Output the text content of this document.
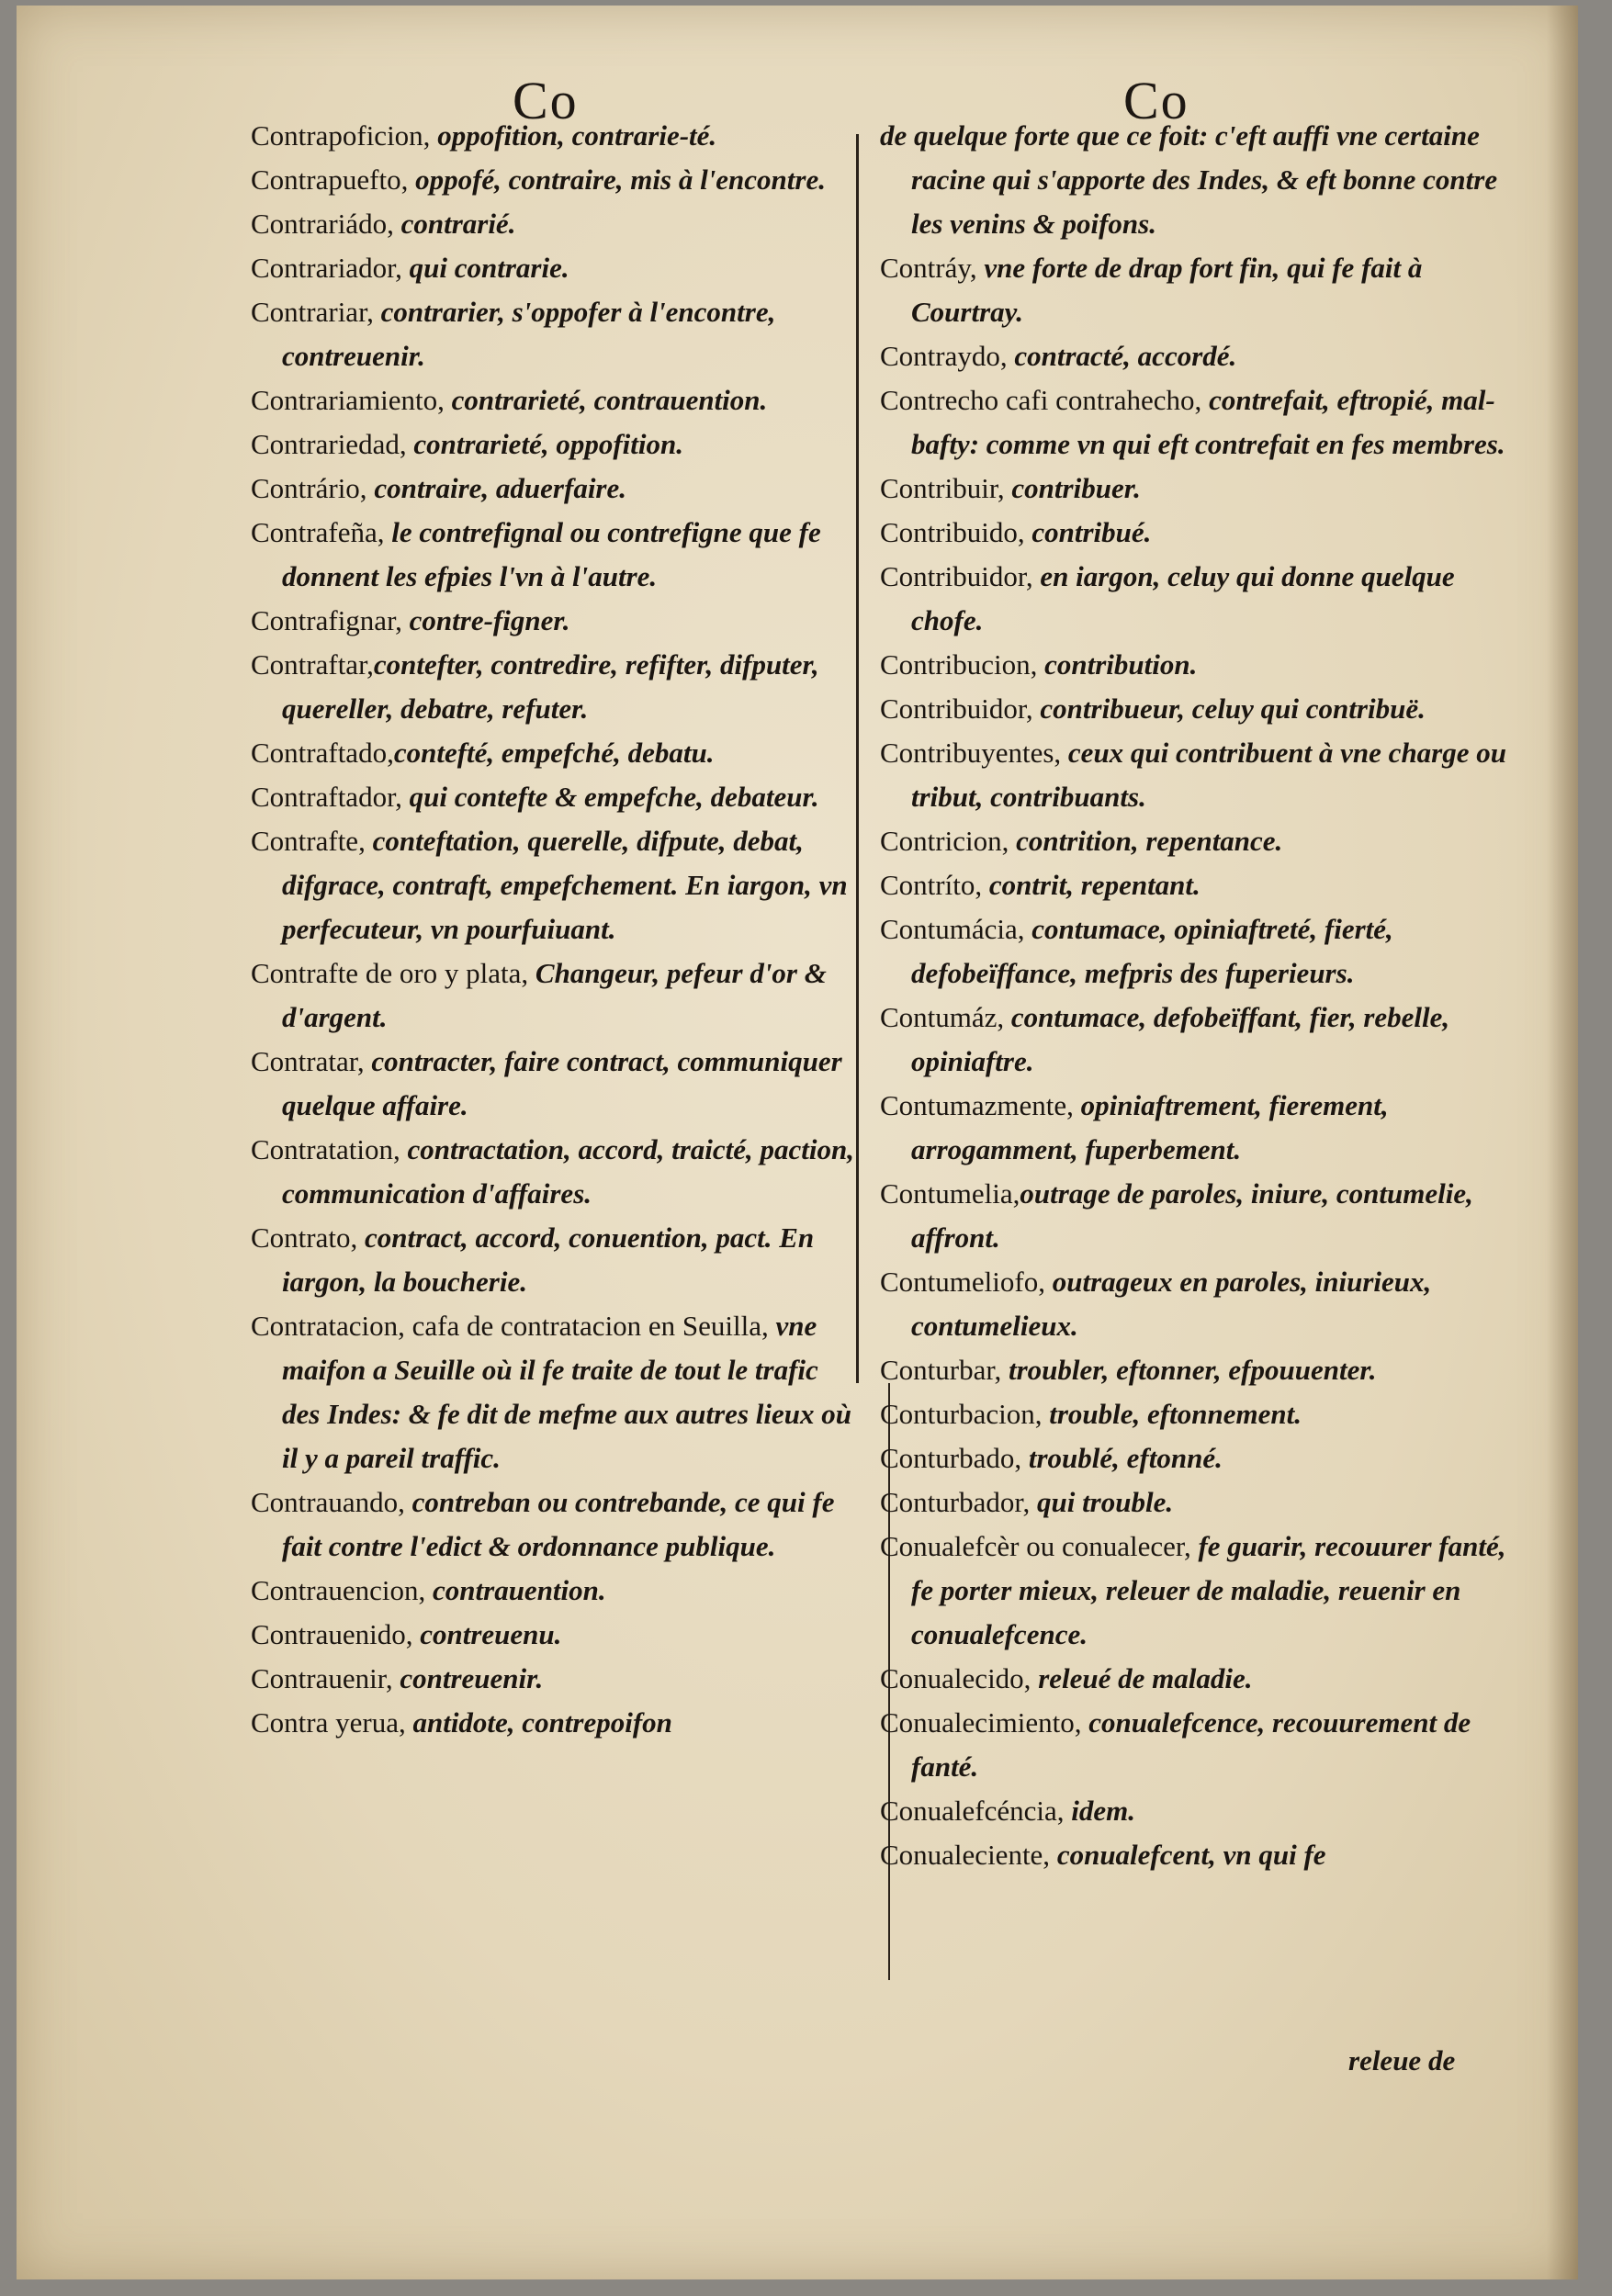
Co	Co
Contrapoficion, oppofition, contrarie-té.
Contrapuefto, oppofé, contraire, mis à l'encontre.
Contrariádo, contrarié.
Contrariador, qui contrarie.
Contrariar, contrarier, s'oppofer à l'encontre, contreuenir.
Contrariamiento, contrarieté, contrauention.
Contrariedad, contrarieté, oppofition.
Contrário, contraire, aduerfaire.
Contrafeña, le contrefignal ou contrefigne que fe donnent les efpies l'vn à l'autre.
Contrafignar, contre-figner.
Contraftar,contefter, contredire, refifter, difputer, quereller, debatre, refuter.
Contraftado,contefté, empefché, debatu.
Contraftador, qui contefte & empefche, debateur.
Contrafte, conteftation, querelle, difpute, debat, difgrace, contraft, empefchement. En iargon, vn perfecuteur, vn pourfuiuant.
Contrafte de oro y plata, Changeur, pefeur d'or & d'argent.
Contratar, contracter, faire contract, communiquer quelque affaire.
Contratation, contractation, accord, traicté, paction, communication d'affaires.
Contrato, contract, accord, conuention, pact. En iargon, la boucherie.
Contratacion, cafa de contratacion en Seuilla, vne maifon a Seuille où il fe traite de tout le trafic des Indes: & fe dit de mefme aux autres lieux où il y a pareil traffic.
Contrauando, contreban ou contrebande, ce qui fe fait contre l'edict & ordonnance publique.
Contrauencion, contrauention.
Contrauenido, contreuenu.
Contrauenir, contreuenir.
Contra yerua, antidote, contrepoifon
de quelque forte que ce foit: c'eft auffi vne certaine racine qui s'apporte des Indes, & eft bonne contre les venins & poifons.
Contráy, vne forte de drap fort fin, qui fe fait à Courtray.
Contraydo, contracté, accordé.
Contrecho cafi contrahecho, contrefait, eftropié, mal-bafty: comme vn qui eft contrefait en fes membres.
Contribuir, contribuer.
Contribuido, contribué.
Contribuidor, en iargon, celuy qui donne quelque chofe.
Contribucion, contribution.
Contribuidor, contribueur, celuy qui contribuë.
Contribuyentes, ceux qui contribuent à vne charge ou tribut, contribuants.
Contricion, contrition, repentance.
Contríto, contrit, repentant.
Contumácia, contumace, opiniaftreté, fierté, defobeïffance, mefpris des fuperieurs.
Contumáz, contumace, defobeïffant, fier, rebelle, opiniaftre.
Contumazmente, opiniaftrement, fierement, arrogamment, fuperbement.
Contumelia,outrage de paroles, iniure, contumelie, affront.
Contumeliofo, outrageux en paroles, iniurieux, contumelieux.
Conturbar, troubler, eftonner, efpouuenter.
Conturbacion, trouble, eftonnement.
Conturbado, troublé, eftonné.
Conturbador, qui trouble.
Conualefcèr ou conualecer, fe guarir, recouurer fanté, fe porter mieux, releuer de maladie, reuenir en conualefcence.
Conualecido, releué de maladie.
Conualecimiento, conualefcence, recouurement de fanté.
Conualefcéncia, idem.
Conualeciente, conualefcent, vn qui fe
releue de
